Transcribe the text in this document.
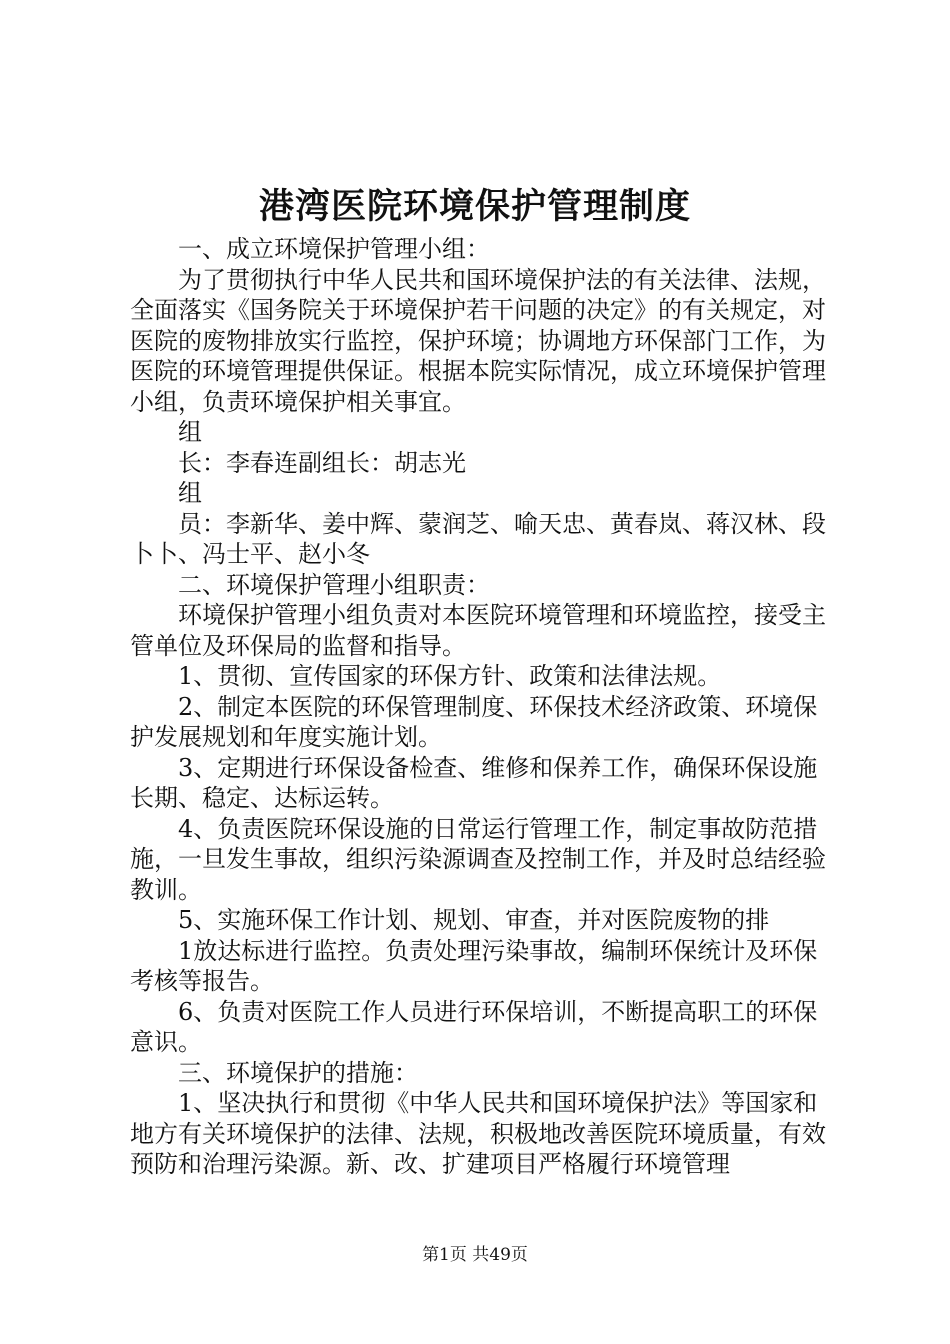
港湾医院环境保护管理制度

一、成立环境保护管理小组：

为了贯彻执行中华人民共和国环境保护法的有关法律、法规，全面落实《国务院关于环境保护若干问题的决定》的有关规定，对医院的废物排放实行监控，保护环境；协调地方环保部门工作，为医院的环境管理提供保证。根据本院实际情况，成立环境保护管理小组，负责环境保护相关事宜。

组

长：李春连副组长：胡志光

组

员：李新华、姜中辉、蒙润芝、喻天忠、黄春岚、蒋汉林、段卜卜、冯士平、赵小冬

二、环境保护管理小组职责：

环境保护管理小组负责对本医院环境管理和环境监控，接受主管单位及环保局的监督和指导。

1、贯彻、宣传国家的环保方针、政策和法律法规。

2、制定本医院的环保管理制度、环保技术经济政策、环境保护发展规划和年度实施计划。

3、定期进行环保设备检查、维修和保养工作，确保环保设施长期、稳定、达标运转。

4、负责医院环保设施的日常运行管理工作，制定事故防范措施，一旦发生事故，组织污染源调查及控制工作，并及时总结经验教训。

5、实施环保工作计划、规划、审查，并对医院废物的排

1放达标进行监控。负责处理污染事故，编制环保统计及环保考核等报告。

6、负责对医院工作人员进行环保培训，不断提高职工的环保意识。

三、环境保护的措施：

1、坚决执行和贯彻《中华人民共和国环境保护法》等国家和地方有关环境保护的法律、法规，积极地改善医院环境质量，有效预防和治理污染源。新、改、扩建项目严格履行环境管理

第1页 共49页
